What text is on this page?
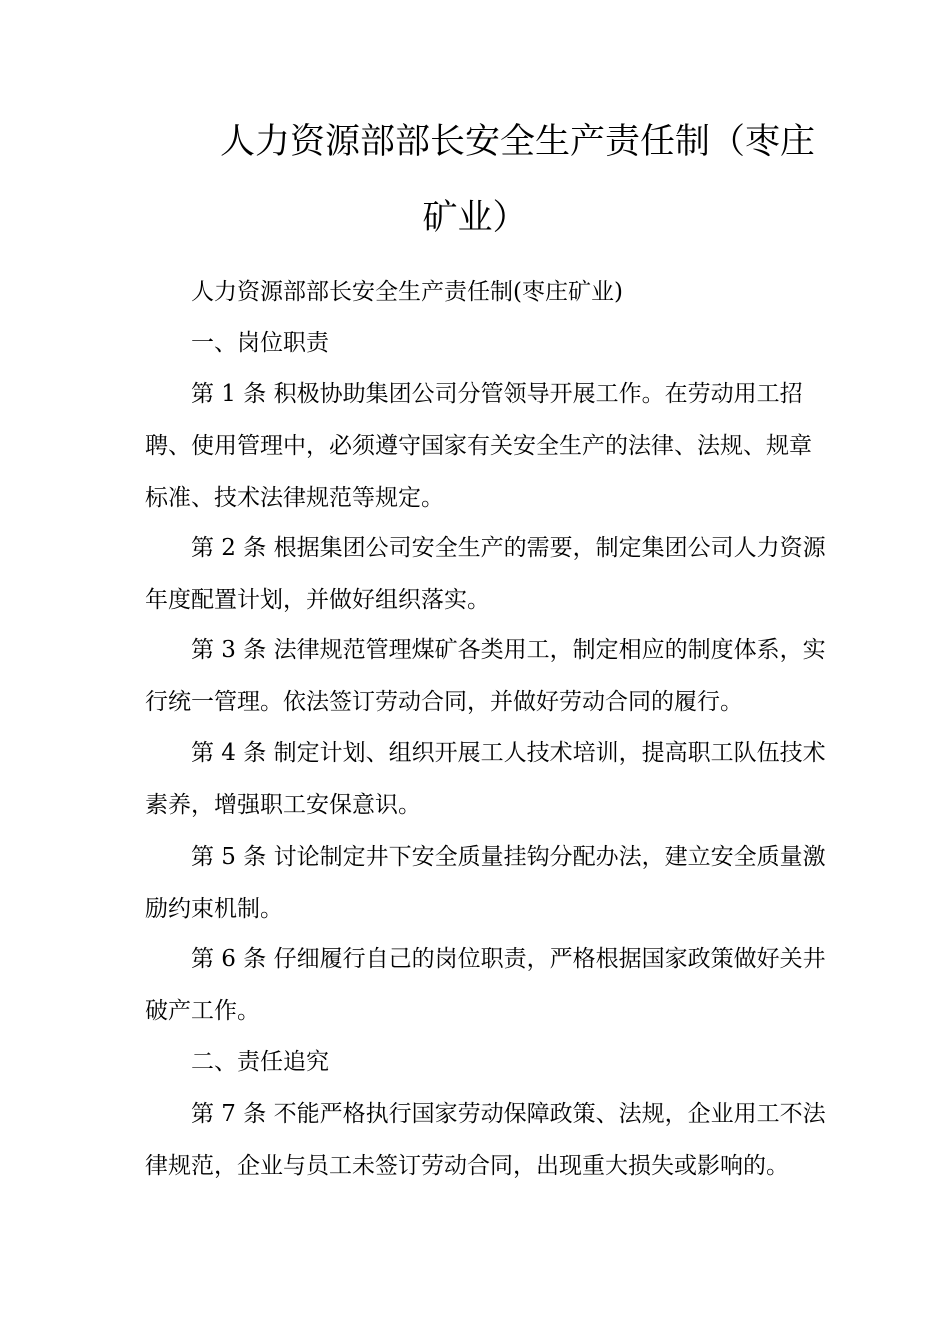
人力资源部部长安全生产责任制（枣庄
矿业）
人力资源部部长安全生产责任制(枣庄矿业)
一、岗位职责
第 1 条 积极协助集团公司分管领导开展工作。在劳动用工招
聘、使用管理中，必须遵守国家有关安全生产的法律、法规、规章
标准、技术法律规范等规定。
第 2 条 根据集团公司安全生产的需要，制定集团公司人力资源
年度配置计划，并做好组织落实。
第 3 条 法律规范管理煤矿各类用工，制定相应的制度体系，实
行统一管理。依法签订劳动合同，并做好劳动合同的履行。
第 4 条 制定计划、组织开展工人技术培训，提高职工队伍技术
素养，增强职工安保意识。
第 5 条 讨论制定井下安全质量挂钩分配办法，建立安全质量激
励约束机制。
第 6 条 仔细履行自己的岗位职责，严格根据国家政策做好关井
破产工作。
二、责任追究
第 7 条 不能严格执行国家劳动保障政策、法规，企业用工不法
律规范，企业与员工未签订劳动合同，出现重大损失或影响的。
